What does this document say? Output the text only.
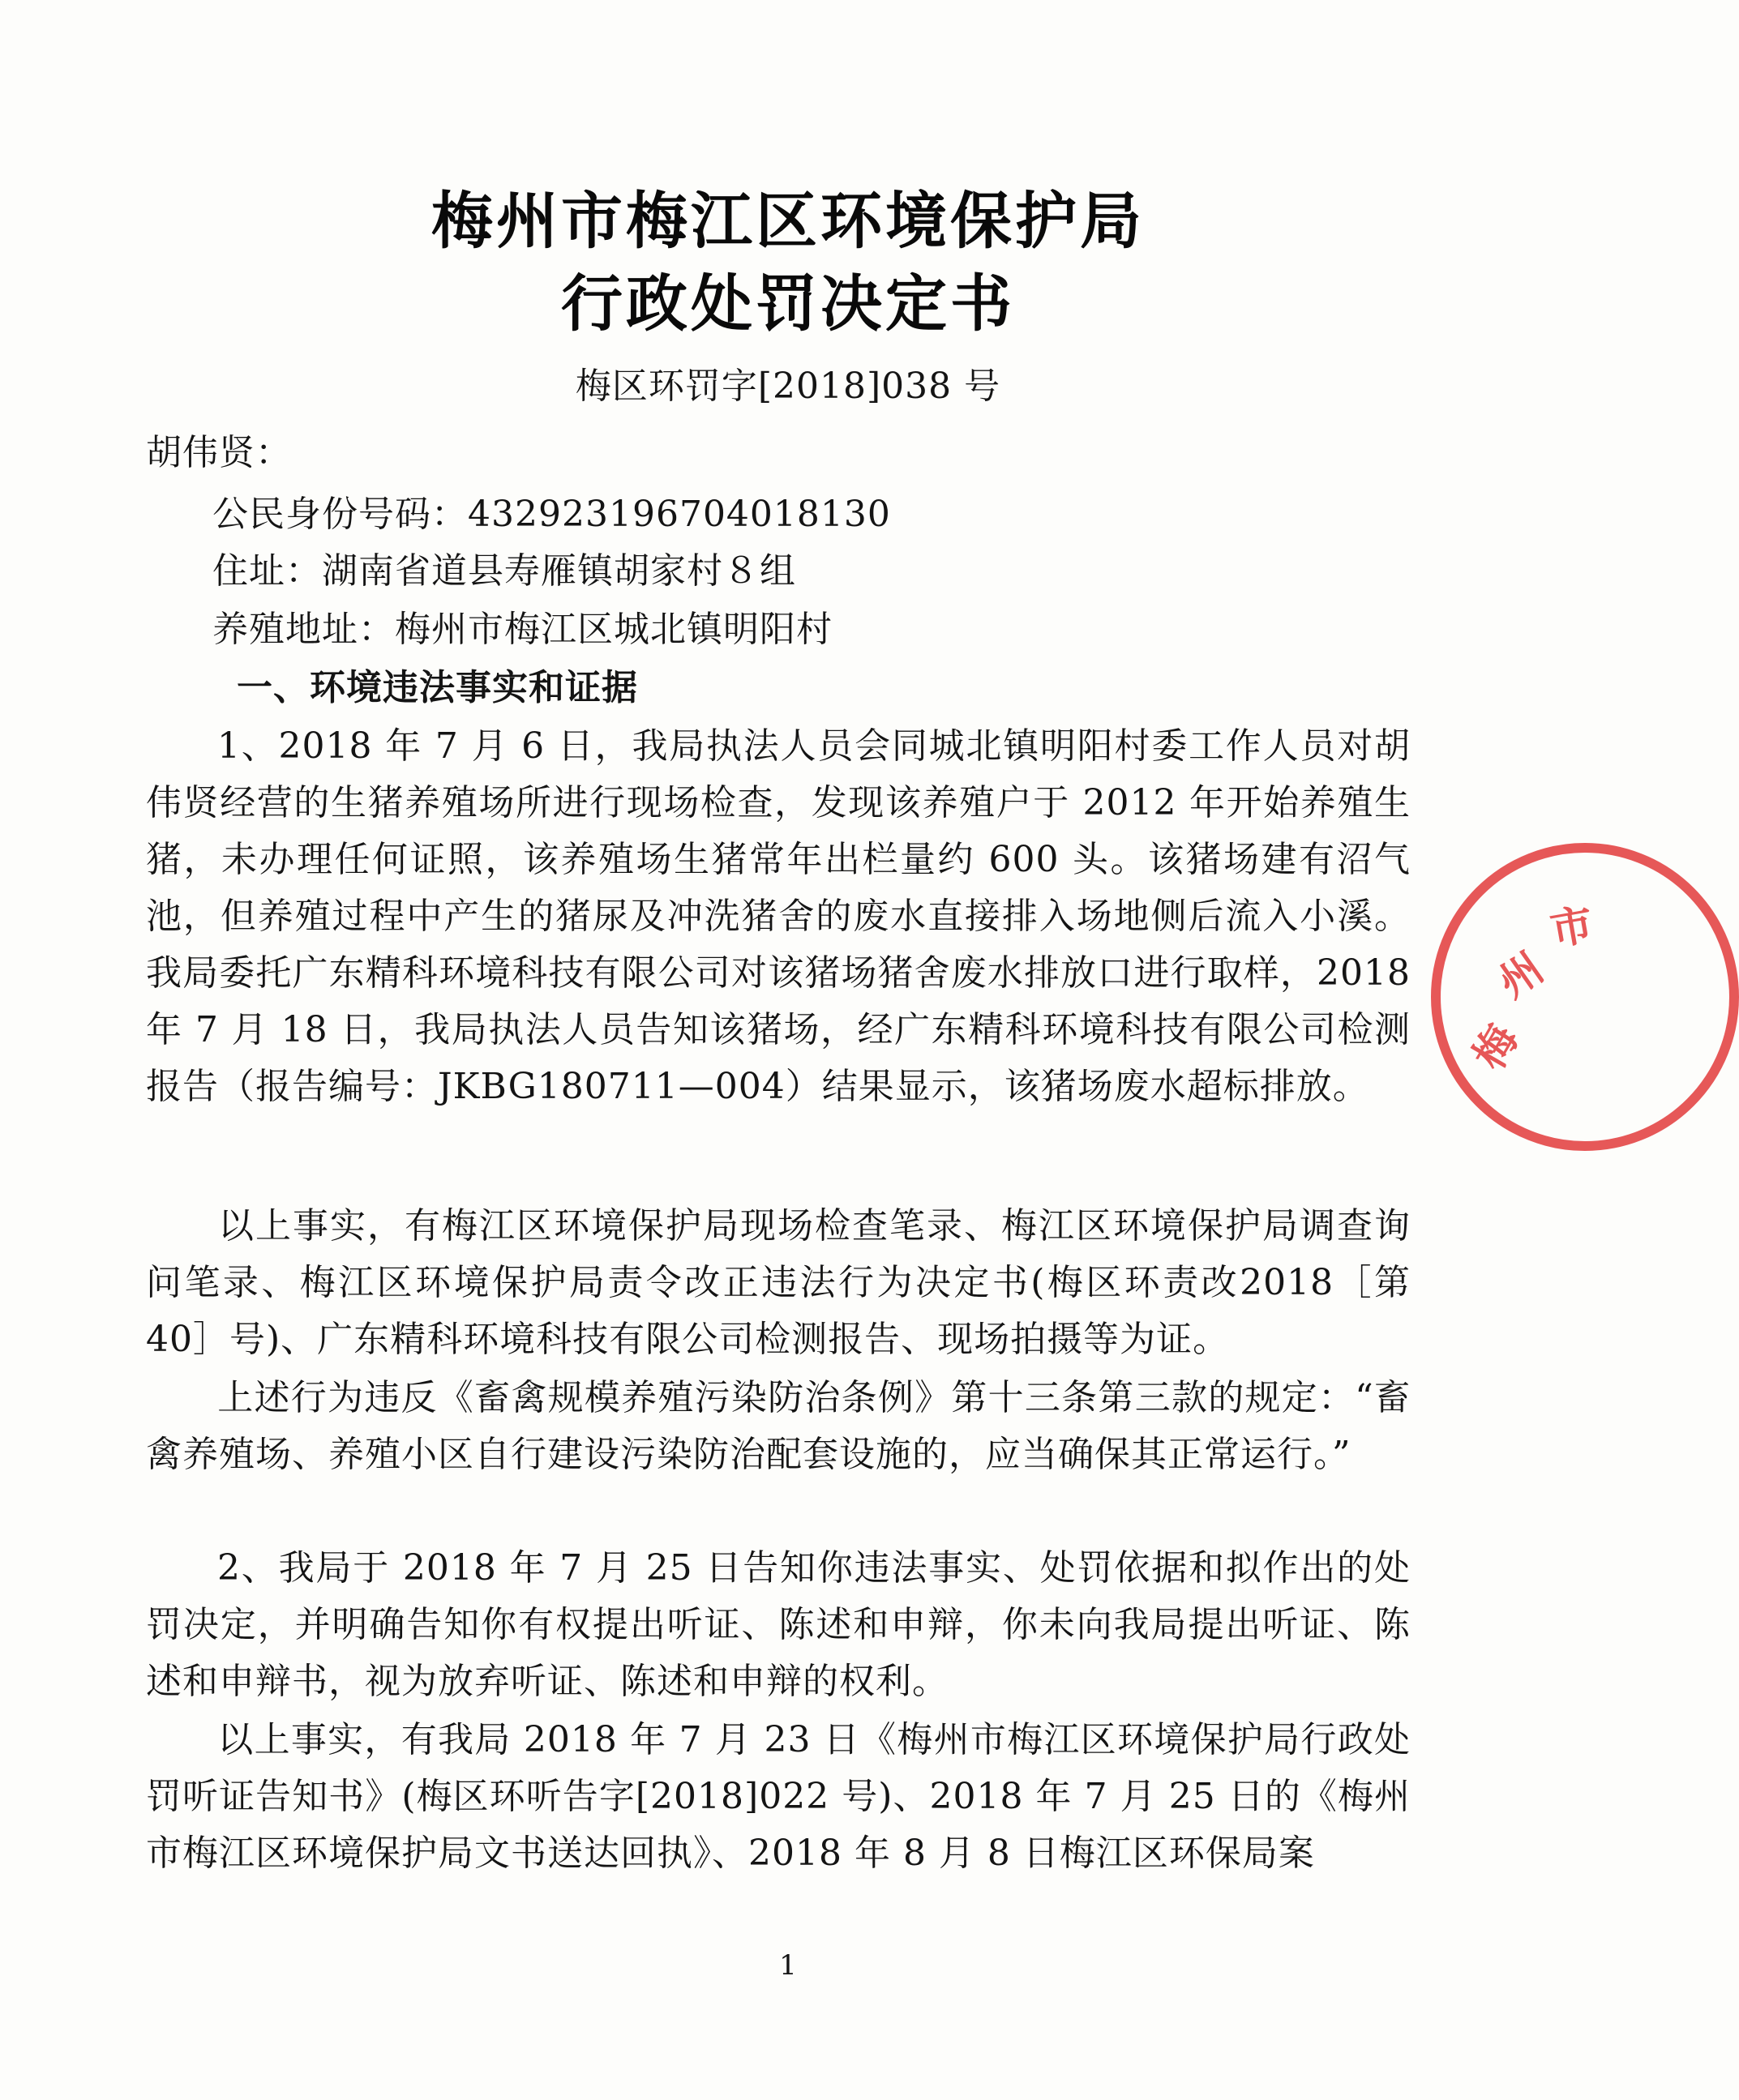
梅州市梅江区环境保护局
行政处罚决定书
梅区环罚字[2018]038 号
胡伟贤：
公民身份号码：432923196704018130
住址：湖南省道县寿雁镇胡家村８组
养殖地址：梅州市梅江区城北镇明阳村
一、环境违法事实和证据
1、2018 年 7 月 6 日，我局执法人员会同城北镇明阳村委工作人员对胡伟贤经营的生猪养殖场所进行现场检查，发现该养殖户于 2012 年开始养殖生猪，未办理任何证照，该养殖场生猪常年出栏量约 600 头。该猪场建有沼气池，但养殖过程中产生的猪尿及冲洗猪舍的废水直接排入场地侧后流入小溪。我局委托广东精科环境科技有限公司对该猪场猪舍废水排放口进行取样，2018 年 7 月 18 日，我局执法人员告知该猪场，经广东精科环境科技有限公司检测报告（报告编号：JKBG180711—004）结果显示，该猪场废水超标排放。
以上事实，有梅江区环境保护局现场检查笔录、梅江区环境保护局调查询问笔录、梅江区环境保护局责令改正违法行为决定书(梅区环责改2018［第 40］号)、广东精科环境科技有限公司检测报告、现场拍摄等为证。
上述行为违反《畜禽规模养殖污染防治条例》第十三条第三款的规定：“畜禽养殖场、养殖小区自行建设污染防治配套设施的，应当确保其正常运行。”
2、我局于 2018 年 7 月 25 日告知你违法事实、处罚依据和拟作出的处罚决定，并明确告知你有权提出听证、陈述和申辩，你未向我局提出听证、陈述和申辩书，视为放弃听证、陈述和申辩的权利。
以上事实，有我局 2018 年 7 月 23 日《梅州市梅江区环境保护局行政处罚听证告知书》(梅区环听告字[2018]022 号)、2018 年 7 月 25 日的《梅州市梅江区环境保护局文书送达回执》、2018 年 8 月 8 日梅江区环保局案
1
梅
州
市
